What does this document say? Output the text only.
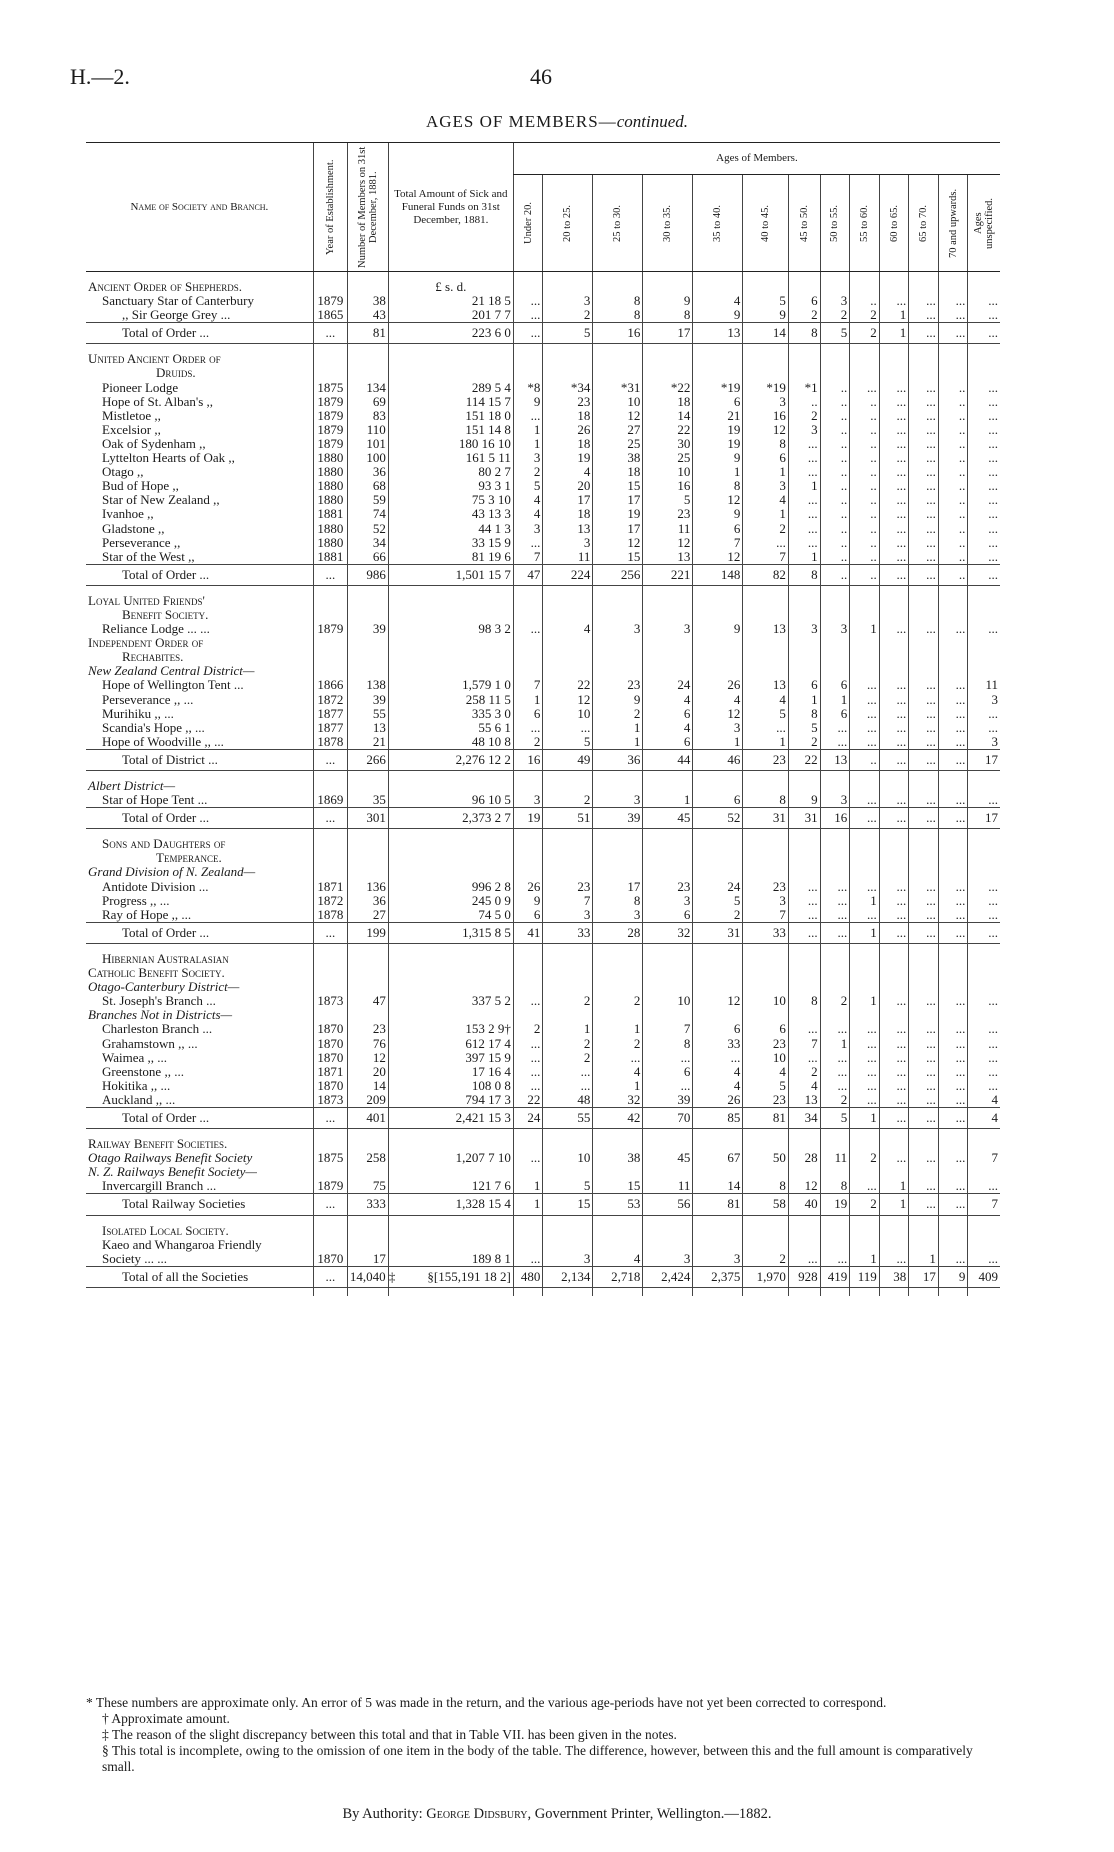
H.—2.	46
AGES OF MEMBERS—continued.
Name of Society and Branch.	Year of Establishment.	Number of Members on 31st December, 1881.	Total Amount of Sick and Funeral Funds on 31st December, 1881.	Ages of Members.												

				Under 20.	20 to 25.	25 to 30.	30 to 35.	35 to 40.	40 to 45.	45 to 50.	50 to 55.	55 to 60.	60 to 65.	65 to 70.	70 and upwards.	Ages unspecified.

Ancient Order of Shepherds.			£ s. d.													
Sanctuary Star of Canterbury	1879	38	21 18 5	...	3	8	9	4	5	6	3	..	...	...	...	...
,, Sir George Grey ...	1865	43	201 7 7	...	2	8	8	9	9	2	2	2	1	...	...	...
Total of Order ...	...	81	223 6 0	...	5	16	17	13	14	8	5	2	1	...	...	...

United Ancient Order of																
Druids.																
Pioneer Lodge	1875	134	289 5 4	*8	*34	*31	*22	*19	*19	*1	..	...	...	...	..	...
Hope of St. Alban's ,,	1879	69	114 15 7	9	23	10	18	6	3	..	..	..	...	...	..	...
Mistletoe ,,	1879	83	151 18 0	...	18	12	14	21	16	2	..	..	...	...	..	...
Excelsior ,,	1879	110	151 14 8	1	26	27	22	19	12	3	..	..	...	...	..	...
Oak of Sydenham ,,	1879	101	180 16 10	1	18	25	30	19	8	...	..	..	...	...	..	...
Lyttelton Hearts of Oak ,,	1880	100	161 5 11	3	19	38	25	9	6	...	..	..	...	...	..	...
Otago ,,	1880	36	80 2 7	2	4	18	10	1	1	...	..	..	...	...	..	...
Bud of Hope ,,	1880	68	93 3 1	5	20	15	16	8	3	1	..	..	...	...	..	...
Star of New Zealand ,,	1880	59	75 3 10	4	17	17	5	12	4	...	..	..	...	...	..	...
Ivanhoe ,,	1881	74	43 13 3	4	18	19	23	9	1	...	..	..	...	...	..	...
Gladstone ,,	1880	52	44 1 3	3	13	17	11	6	2	...	..	..	...	...	..	...
Perseverance ,,	1880	34	33 15 9	...	3	12	12	7	...	...	..	..	...	...	..	...
Star of the West ,,	1881	66	81 19 6	7	11	15	13	12	7	1	..	..	...	...	..	...
Total of Order ...	...	986	1,501 15 7	47	224	256	221	148	82	8	..	..	...	...	..	...

Loyal United Friends'																
Benefit Society.																
Reliance Lodge ... ...	1879	39	98 3 2	...	4	3	3	9	13	3	3	1	...	...	...	...
Independent Order of																
Rechabites.																
New Zealand Central District—																
Hope of Wellington Tent ...	1866	138	1,579 1 0	7	22	23	24	26	13	6	6	...	...	...	...	11
Perseverance ,, ...	1872	39	258 11 5	1	12	9	4	4	4	1	1	...	...	...	...	3
Murihiku ,, ...	1877	55	335 3 0	6	10	2	6	12	5	8	6	...	...	...	...	...
Scandia's Hope ,, ...	1877	13	55 6 1	...	...	1	4	3	...	5	...	...	...	...	...	...
Hope of Woodville ,, ...	1878	21	48 10 8	2	5	1	6	1	1	2	...	...	...	...	...	3
Total of District ...	...	266	2,276 12 2	16	49	36	44	46	23	22	13	..	...	...	...	17

Albert District—																
Star of Hope Tent ...	1869	35	96 10 5	3	2	3	1	6	8	9	3	...	...	...	...	...
Total of Order ...	...	301	2,373 2 7	19	51	39	45	52	31	31	16	...	...	...	...	17

Sons and Daughters of																
Temperance.																
Grand Division of N. Zealand—																
Antidote Division ...	1871	136	996 2 8	26	23	17	23	24	23	...	...	...	...	...	...	...
Progress ,, ...	1872	36	245 0 9	9	7	8	3	5	3	...	...	1	...	...	...	...
Ray of Hope ,, ...	1878	27	74 5 0	6	3	3	6	2	7	...	...	...	...	...	...	...
Total of Order ...	...	199	1,315 8 5	41	33	28	32	31	33	...	...	1	...	...	...	...

Hibernian Australasian																
Catholic Benefit Society.																
Otago-Canterbury District—																
St. Joseph's Branch ...	1873	47	337 5 2	...	2	2	10	12	10	8	2	1	...	...	...	...
Branches Not in Districts—																
Charleston Branch ...	1870	23	153 2 9†	2	1	1	7	6	6	...	...	...	...	...	...	...
Grahamstown ,, ...	1870	76	612 17 4	...	2	2	8	33	23	7	1	...	...	...	...	...
Waimea ,, ...	1870	12	397 15 9	...	2	...	...	...	10	...	...	...	...	...	...	...
Greenstone ,, ...	1871	20	17 16 4	...	...	4	6	4	4	2	...	...	...	...	...	...
Hokitika ,, ...	1870	14	108 0 8	...	...	1	...	4	5	4	...	...	...	...	...	...
Auckland ,, ...	1873	209	794 17 3	22	48	32	39	26	23	13	2	...	...	...	...	4
Total of Order ...	...	401	2,421 15 3	24	55	42	70	85	81	34	5	1	...	...	...	4

Railway Benefit Societies.																
Otago Railways Benefit Society	1875	258	1,207 7 10	...	10	38	45	67	50	28	11	2	...	...	...	7
N. Z. Railways Benefit Society—																
Invercargill Branch ...	1879	75	121 7 6	1	5	15	11	14	8	12	8	...	1	...	...	...
Total Railway Societies	...	333	1,328 15 4	1	15	53	56	81	58	40	19	2	1	...	...	7

Isolated Local Society.																
Kaeo and Whangaroa Friendly																
Society ... ...	1870	17	189 8 1	...	3	4	3	3	2	...	...	1	...	1	...	...
Total of all the Societies	...	14,040 ‡	§[155,191 18 2]	480	2,134	2,718	2,424	2,375	1,970	928	419	119	38	17	9	409

* These numbers are approximate only. An error of 5 was made in the return, and the various age-periods have not yet been corrected to correspond.

† Approximate amount.

‡ The reason of the slight discrepancy between this total and that in Table VII. has been given in the notes.

§ This total is incomplete, owing to the omission of one item in the body of the table. The difference, however, between this and the full amount is comparatively small.

By Authority: George Didsbury, Government Printer, Wellington.—1882.
